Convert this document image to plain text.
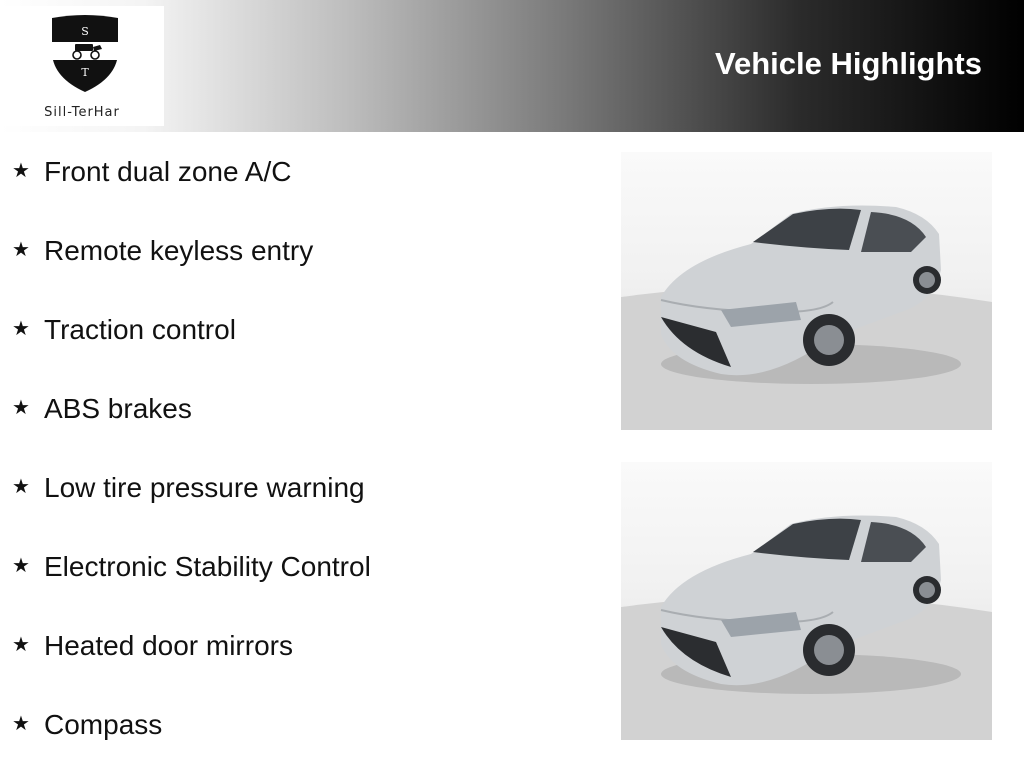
S
T
Sill-TerHar
Vehicle Highlights
★ Front dual zone A/C
★ Remote keyless entry
★ Traction control
★ ABS brakes
★ Low tire pressure warning
★ Electronic Stability Control
★ Heated door mirrors
★ Compass
